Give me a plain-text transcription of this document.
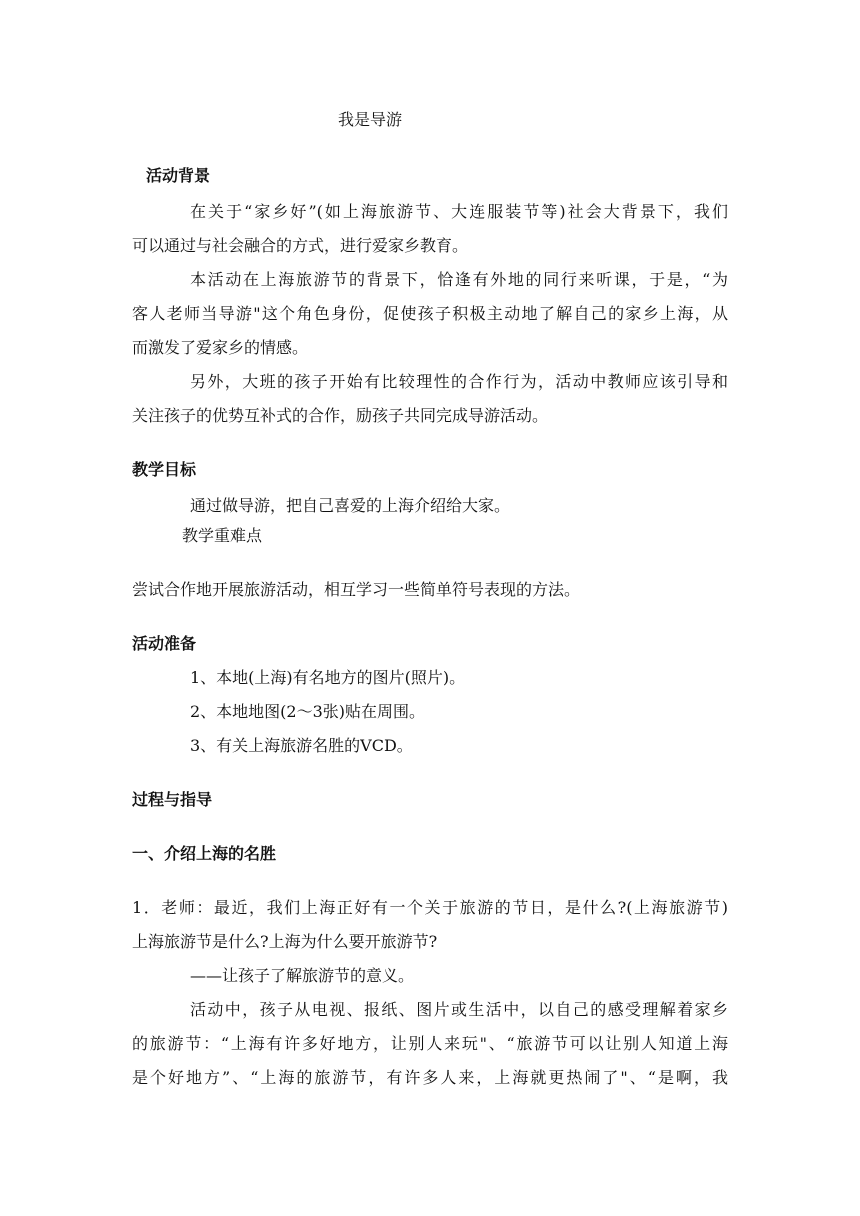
我是导游
活动背景
在关于“家乡好”(如上海旅游节、大连服装节等)社会大背景下，我们
可以通过与社会融合的方式，进行爱家乡教育。
本活动在上海旅游节的背景下，恰逢有外地的同行来听课，于是，“为
客人老师当导游"这个角色身份，促使孩子积极主动地了解自己的家乡上海，从
而激发了爱家乡的情感。
另外，大班的孩子开始有比较理性的合作行为，活动中教师应该引导和
关注孩子的优势互补式的合作，励孩子共同完成导游活动。
教学目标
通过做导游，把自己喜爱的上海介绍给大家。
教学重难点
尝试合作地开展旅游活动，相互学习一些简单符号表现的方法。
活动准备
1、本地(上海)有名地方的图片(照片)。
2、本地地图(2～3张)贴在周围。
3、有关上海旅游名胜的VCD。
过程与指导
一、介绍上海的名胜
1．老师：最近，我们上海正好有一个关于旅游的节日，是什么?(上海旅游节)
上海旅游节是什么?上海为什么要开旅游节?
——让孩子了解旅游节的意义。
活动中，孩子从电视、报纸、图片或生活中，以自己的感受理解着家乡
的旅游节：“上海有许多好地方，让别人来玩"、“旅游节可以让别人知道上海
是个好地方”、“上海的旅游节，有许多人来，上海就更热闹了"、“是啊，我
